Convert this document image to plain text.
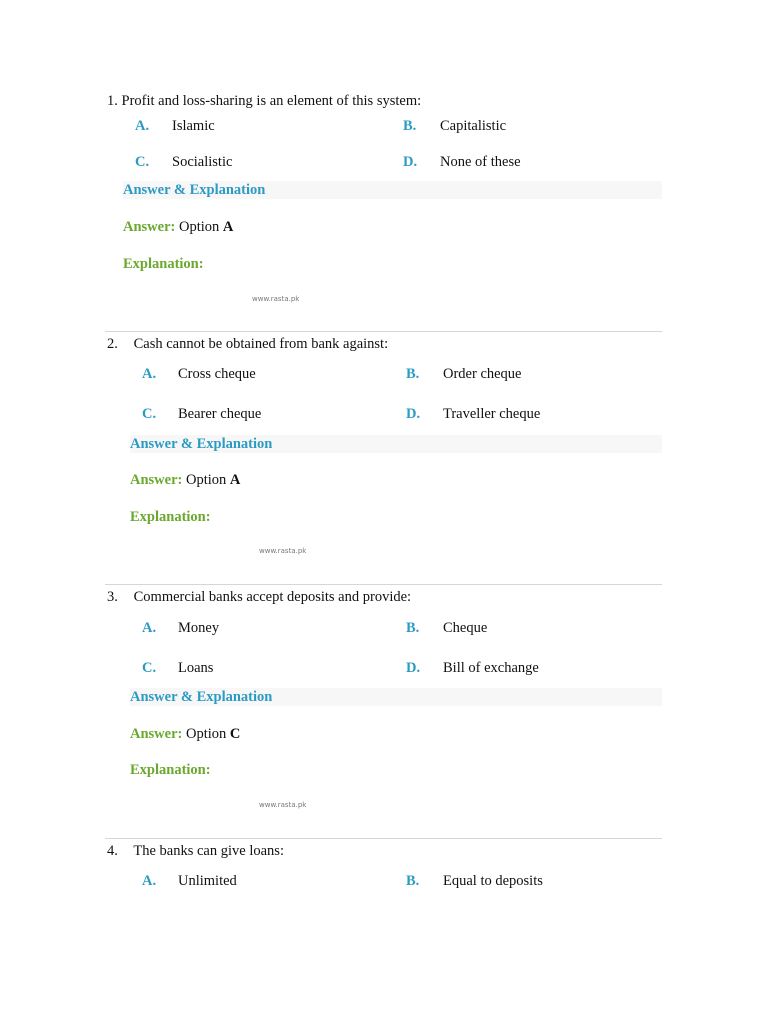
1. Profit and loss-sharing is an element of this system:
A. Islamic	B. Capitalistic
C. Socialistic	D. None of these
Answer & Explanation
Answer: Option A
Explanation:
www.rasta.pk
2. Cash cannot be obtained from bank against:
A. Cross cheque	B. Order cheque
C. Bearer cheque	D. Traveller cheque
Answer & Explanation
Answer: Option A
Explanation:
www.rasta.pk
3. Commercial banks accept deposits and provide:
A. Money	B. Cheque
C. Loans	D. Bill of exchange
Answer & Explanation
Answer: Option C
Explanation:
www.rasta.pk
4. The banks can give loans:
A. Unlimited	B. Equal to deposits
